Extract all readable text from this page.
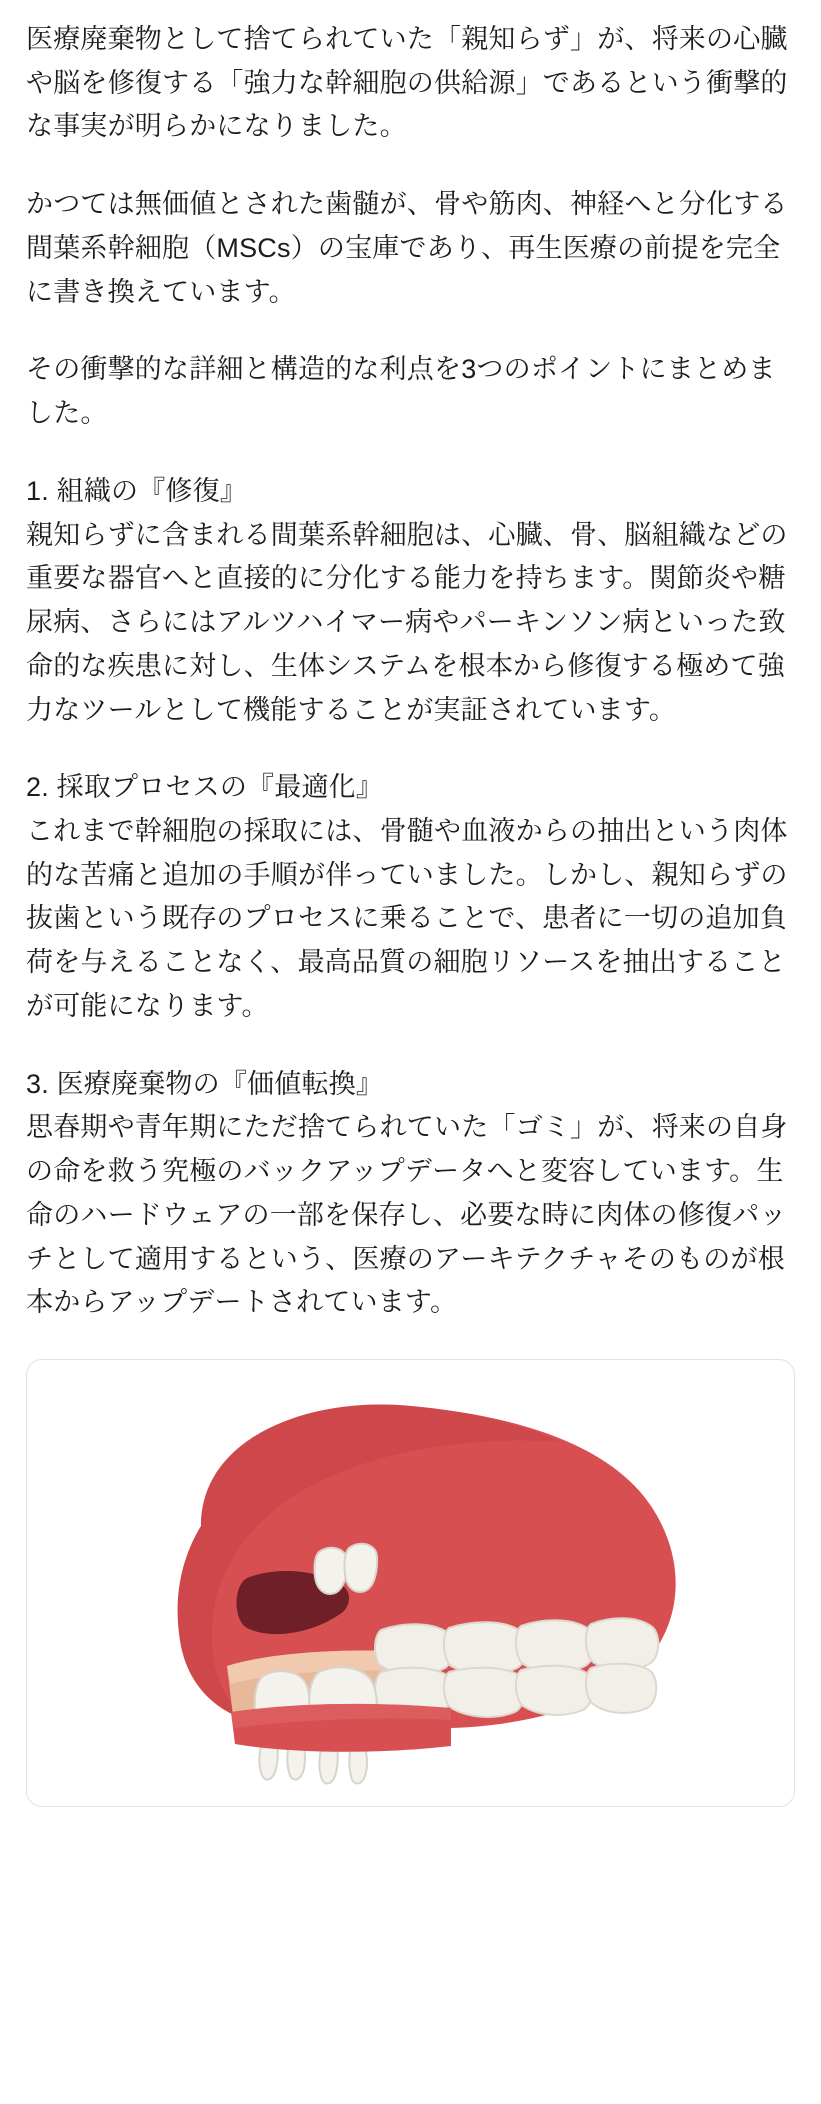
医療廃棄物として捨てられていた「親知らず」が、将来の心臓や脳を修復する「強力な幹細胞の供給源」であるという衝撃的な事実が明らかになりました。

かつては無価値とされた歯髄が、骨や筋肉、神経へと分化する間葉系幹細胞（MSCs）の宝庫であり、再生医療の前提を完全に書き換えています。

その衝撃的な詳細と構造的な利点を3つのポイントにまとめました。

1. 組織の『修復』

親知らずに含まれる間葉系幹細胞は、心臓、骨、脳組織などの重要な器官へと直接的に分化する能力を持ちます。関節炎や糖尿病、さらにはアルツハイマー病やパーキンソン病といった致命的な疾患に対し、生体システムを根本から修復する極めて強力なツールとして機能することが実証されています。

2. 採取プロセスの『最適化』

これまで幹細胞の採取には、骨髄や血液からの抽出という肉体的な苦痛と追加の手順が伴っていました。しかし、親知らずの抜歯という既存のプロセスに乗ることで、患者に一切の追加負荷を与えることなく、最高品質の細胞リソースを抽出することが可能になります。

3. 医療廃棄物の『価値転換』

思春期や青年期にただ捨てられていた「ゴミ」が、将来の自身の命を救う究極のバックアップデータへと変容しています。生命のハードウェアの一部を保存し、必要な時に肉体の修復パッチとして適用するという、医療のアーキテクチャそのものが根本からアップデートされています。
